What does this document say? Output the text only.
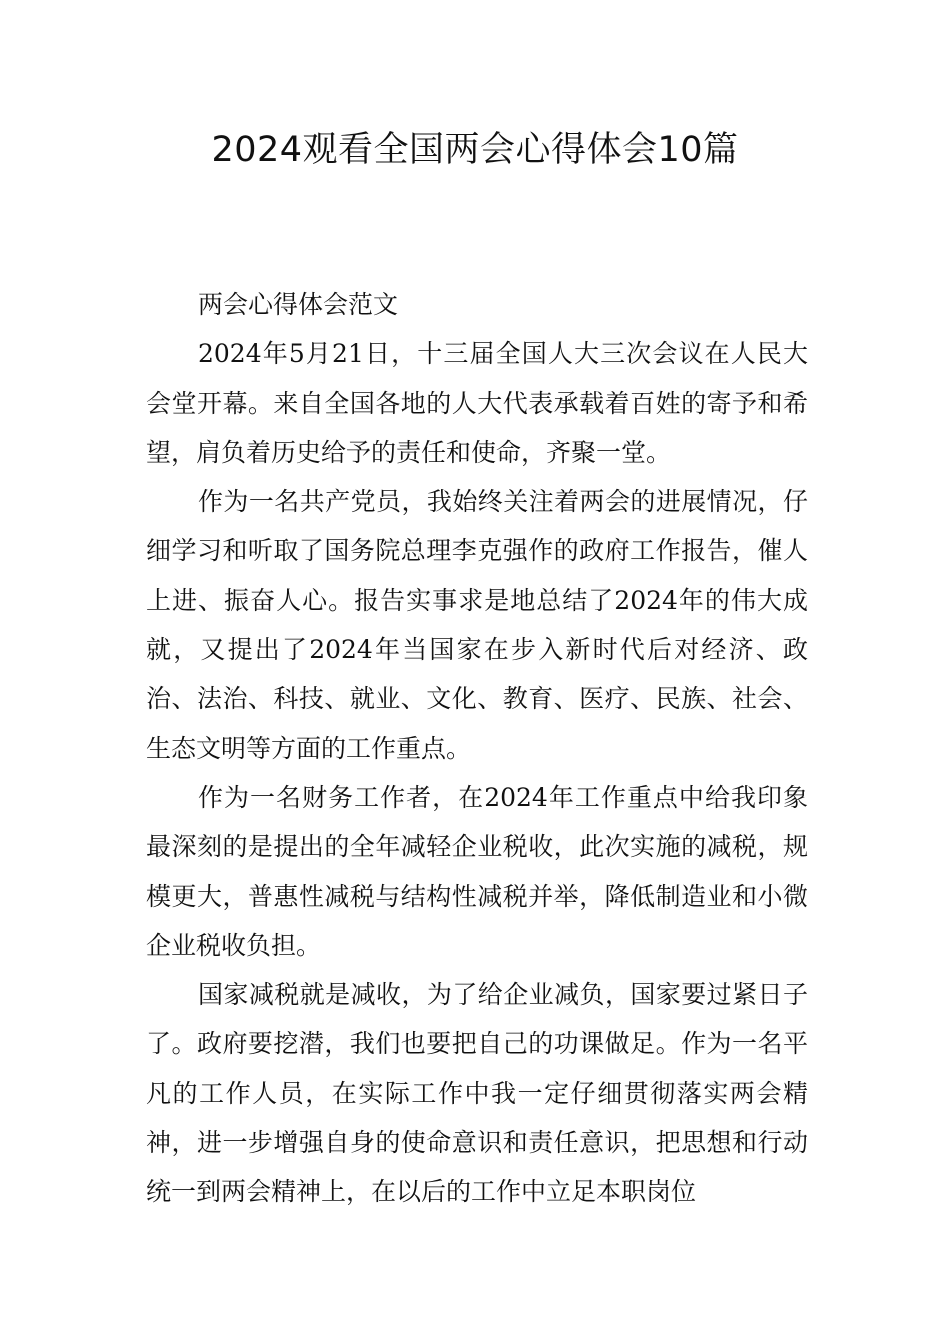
2024观看全国两会心得体会10篇

两会心得体会范文

2024年5月21日，十三届全国人大三次会议在人民大会堂开幕。来自全国各地的人大代表承载着百姓的寄予和希望，肩负着历史给予的责任和使命，齐聚一堂。

作为一名共产党员，我始终关注着两会的进展情况，仔细学习和听取了国务院总理李克强作的政府工作报告，催人上进、振奋人心。报告实事求是地总结了2024年的伟大成就，又提出了2024年当国家在步入新时代后对经济、政治、法治、科技、就业、文化、教育、医疗、民族、社会、生态文明等方面的工作重点。

作为一名财务工作者，在2024年工作重点中给我印象最深刻的是提出的全年减轻企业税收，此次实施的减税，规模更大，普惠性减税与结构性减税并举，降低制造业和小微企业税收负担。

国家减税就是减收，为了给企业减负，国家要过紧日子了。政府要挖潜，我们也要把自己的功课做足。作为一名平凡的工作人员，在实际工作中我一定仔细贯彻落实两会精神，进一步增强自身的使命意识和责任意识，把思想和行动统一到两会精神上，在以后的工作中立足本职岗位
